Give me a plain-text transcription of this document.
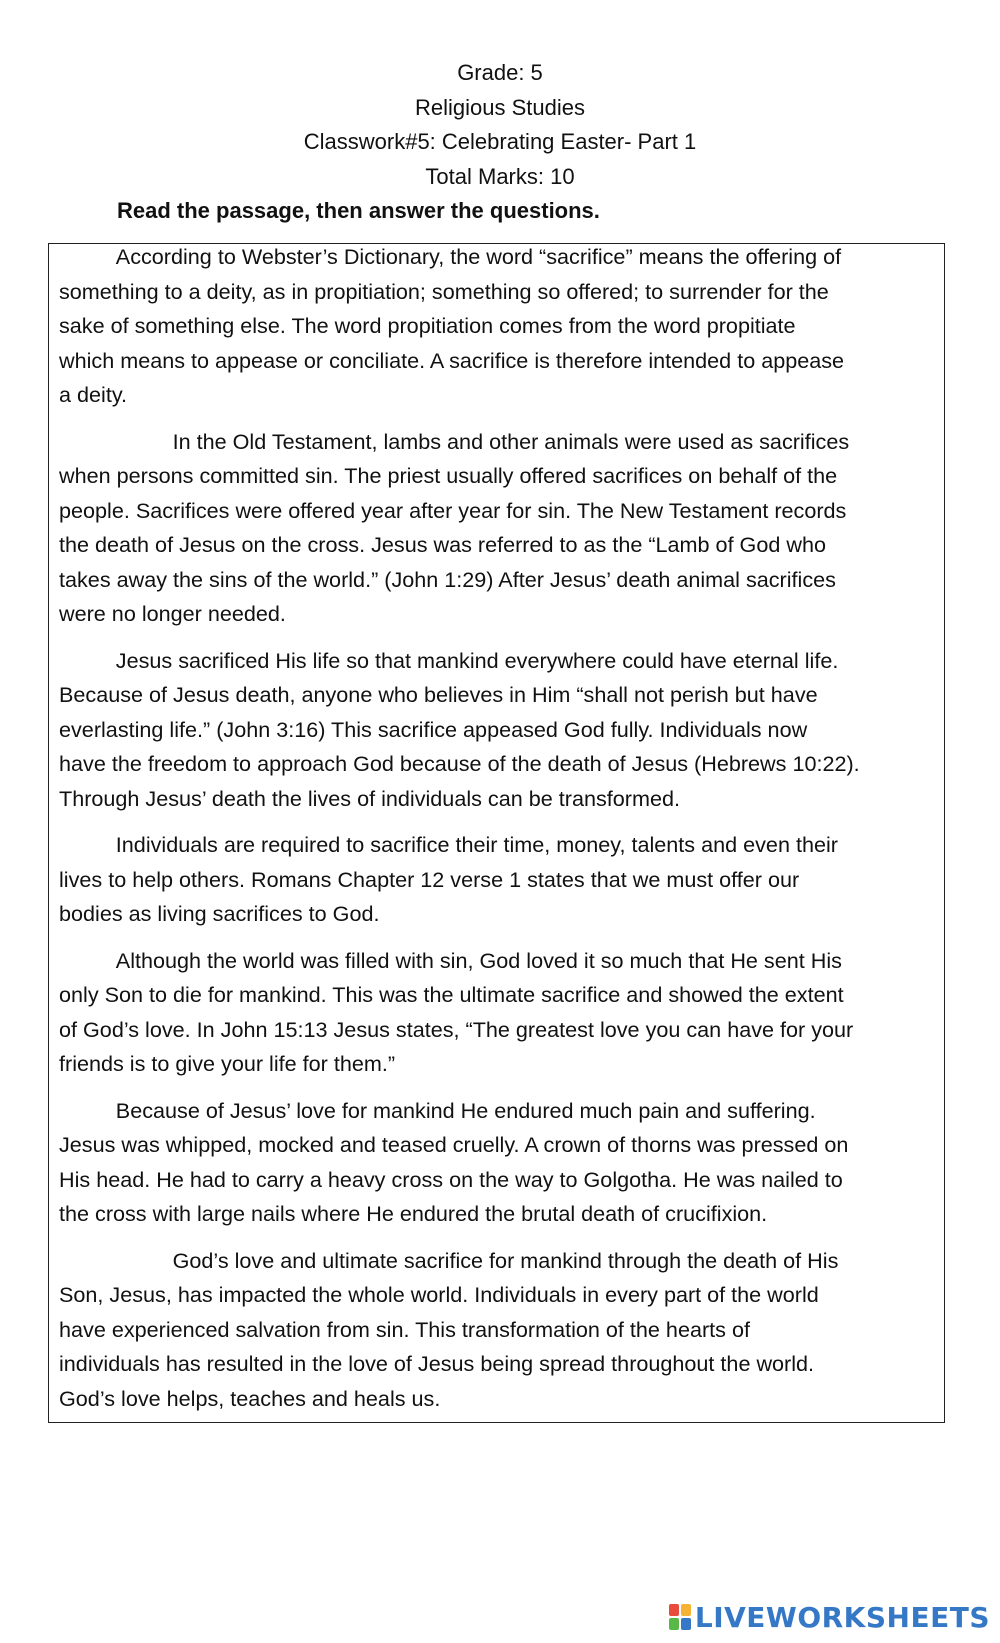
Grade: 5
Religious Studies
Classwork#5: Celebrating Easter- Part 1
Total Marks: 10
Read the passage, then answer the questions.
According to Webster’s Dictionary, the word “sacrifice” means the offering of
something to a deity, as in propitiation; something so offered; to surrender for the
sake of something else. The word propitiation comes from the word propitiate
which means to appease or conciliate. A sacrifice is therefore intended to appease
a deity.
In the Old Testament, lambs and other animals were used as sacrifices
when persons committed sin. The priest usually offered sacrifices on behalf of the
people. Sacrifices were offered year after year for sin. The New Testament records
the death of Jesus on the cross. Jesus was referred to as the “Lamb of God who
takes away the sins of the world.” (John 1:29) After Jesus’ death animal sacrifices
were no longer needed.
Jesus sacrificed His life so that mankind everywhere could have eternal life.
Because of Jesus death, anyone who believes in Him “shall not perish but have
everlasting life.” (John 3:16) This sacrifice appeased God fully. Individuals now
have the freedom to approach God because of the death of Jesus (Hebrews 10:22).
Through Jesus’ death the lives of individuals can be transformed.
Individuals are required to sacrifice their time, money, talents and even their
lives to help others. Romans Chapter 12 verse 1 states that we must offer our
bodies as living sacrifices to God.
Although the world was filled with sin, God loved it so much that He sent His
only Son to die for mankind. This was the ultimate sacrifice and showed the extent
of God’s love. In John 15:13 Jesus states, “The greatest love you can have for your
friends is to give your life for them.”
Because of Jesus’ love for mankind He endured much pain and suffering.
Jesus was whipped, mocked and teased cruelly. A crown of thorns was pressed on
His head. He had to carry a heavy cross on the way to Golgotha. He was nailed to
the cross with large nails where He endured the brutal death of crucifixion.
God’s love and ultimate sacrifice for mankind through the death of His
Son, Jesus, has impacted the whole world. Individuals in every part of the world
have experienced salvation from sin. This transformation of the hearts of
individuals has resulted in the love of Jesus being spread throughout the world.
God’s love helps, teaches and heals us.
LIVEWORKSHEETS
